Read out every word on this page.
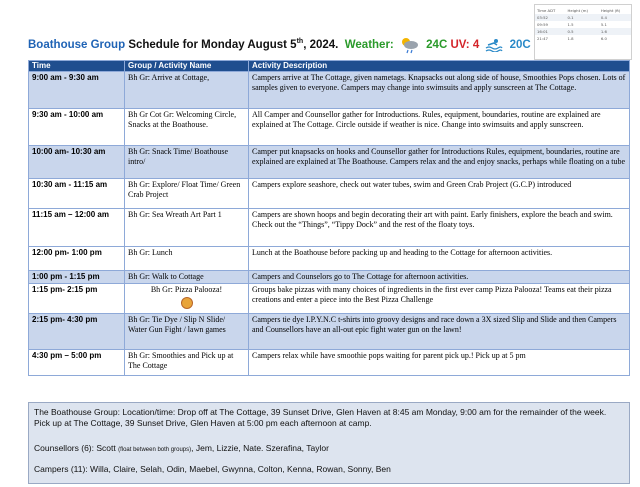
Boathouse Group Schedule for Monday August 5th, 2024. Weather:	24C UV: 4	20C
Time ADT	Height (m)	Height (ft)
03:52	0.1	0.4
09:59	1.5	5.1
16:01	0.5	1.6
21:47	1.8	6.0
Time	Group / Activity Name	Activity Description
9:00 am - 9:30 am	Bh Gr: Arrive at Cottage,	Campers arrive at The Cottage, given nametags. Knapsacks out along side of house, Smoothies Pops chosen. Lots of samples given to everyone. Campers may change into swimsuits and apply sunscreen at The Cottage.
9:30 am - 10:00 am	Bh Gr Cot Gr: Welcoming Circle, Snacks at the Boathouse.	All Camper and Counsellor gather for Introductions. Rules, equipment, boundaries, routine are explained are explained at The Cottage. Circle outside if weather is nice. Change into swimsuits and apply sunscreen.
10:00 am- 10:30 am	Bh Gr: Snack Time/ Boathouse intro/	Camper put knapsacks on hooks and Counsellor gather for Introductions Rules, equipment, boundaries, routine are explained are explained at The Boathouse. Campers relax and the and enjoy snacks, perhaps while floating on a tube
10:30 am - 11:15 am	Bh Gr: Explore/ Float Time/ Green Crab Project	Campers explore seashore, check out water tubes, swim and Green Crab Project (G.C.P) introduced
11:15 am – 12:00 am	Bh Gr: Sea Wreath Art Part 1	Campers are shown hoops and begin decorating their art with paint. Early finishers, explore the beach and swim. Check out the “Things”, “Tippy Dock” and the rest of the floaty toys.
12:00 pm- 1:00 pm	Bh Gr: Lunch	Lunch at the Boathouse before packing up and heading to the Cottage for afternoon activities.
1:00 pm - 1:15 pm	Bh Gr: Walk to Cottage	Campers and Counselors go to The Cottage for afternoon activities.
1:15 pm- 2:15 pm	Bh Gr: Pizza Palooza!	Groups bake pizzas with many choices of ingredients in the first ever camp Pizza Palooza! Teams eat their pizza creations and enter a piece into the Best Pizza Challenge
2:15 pm- 4:30 pm	Bh Gr: Tie Dye / Slip N Slide/ Water Gun Fight / lawn games	Campers tie dye I.P.Y.N.C t-shirts into groovy designs and race down a 3X sized Slip and Slide and then Campers and Counsellors have an all-out epic fight water gun on the lawn!
4:30 pm – 5:00 pm	Bh Gr: Smoothies and Pick up at The Cottage	Campers relax while have smoothie pops waiting for parent pick up.! Pick up at 5 pm

The Boathouse Group: Location/time: Drop off at The Cottage, 39 Sunset Drive, Glen Haven at 8:45 am Monday, 9:00 am for the remainder of the week. Pick up at The Cottage, 39 Sunset Drive, Glen Haven at 5:00 pm each afternoon at camp.

Counsellors (6): Scott (float between both groups), Jem, Lizzie, Nate. Szerafina, Taylor

Campers (11): Willa, Claire, Selah, Odin, Maebel, Gwynna, Colton, Kenna, Rowan, Sonny, Ben
